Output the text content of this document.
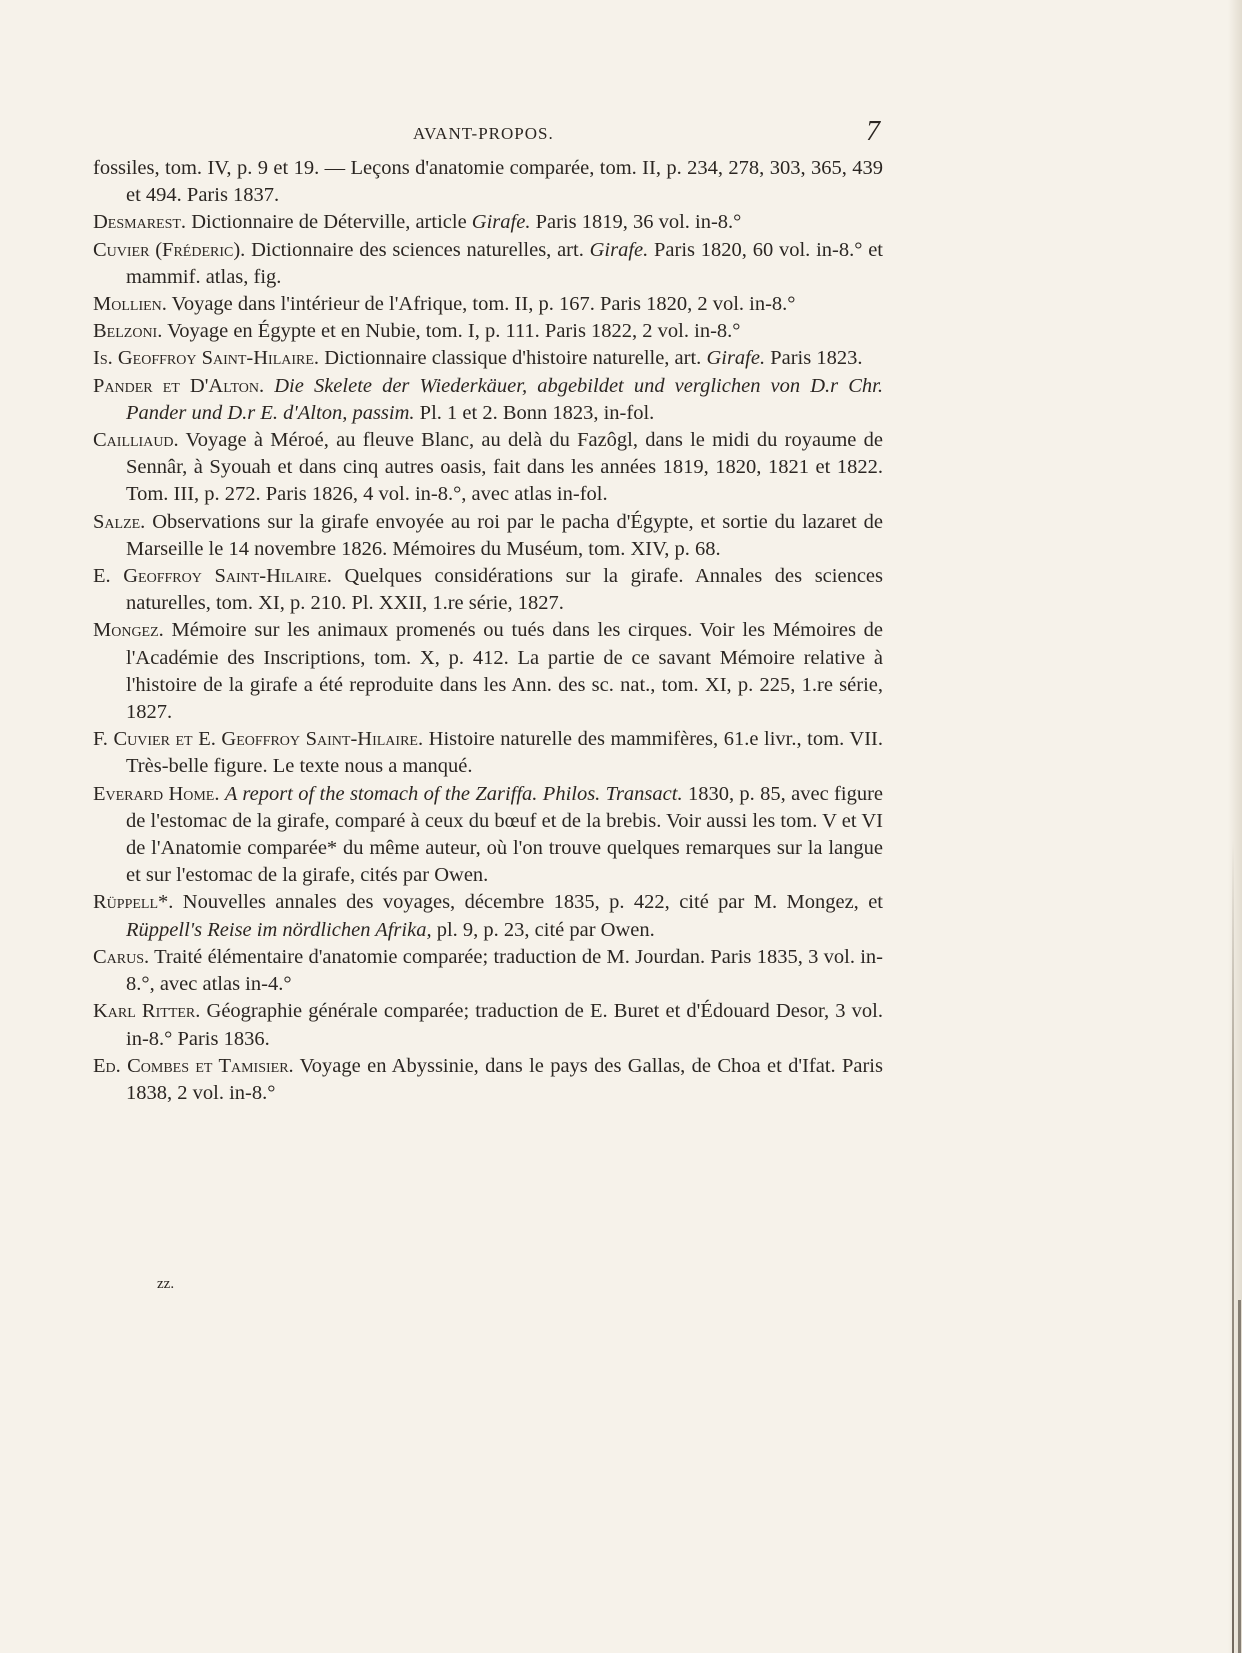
AVANT-PROPOS.	7

fossiles, tom. IV, p. 9 et 19. — Leçons d'anatomie comparée, tom. II, p. 234, 278, 303, 365, 439 et 494. Paris 1837.

Desmarest. Dictionnaire de Déterville, article Girafe. Paris 1819, 36 vol. in-8.°

Cuvier (Fréderic). Dictionnaire des sciences naturelles, art. Girafe. Paris 1820, 60 vol. in-8.° et mammif. atlas, fig.

Mollien. Voyage dans l'intérieur de l'Afrique, tom. II, p. 167. Paris 1820, 2 vol. in-8.°

Belzoni. Voyage en Égypte et en Nubie, tom. I, p. 111. Paris 1822, 2 vol. in-8.°

Is. Geoffroy Saint-Hilaire. Dictionnaire classique d'histoire naturelle, art. Girafe. Paris 1823.

Pander et D'Alton. Die Skelete der Wiederkäuer, abgebildet und verglichen von D.r Chr. Pander und D.r E. d'Alton, passim. Pl. 1 et 2. Bonn 1823, in-fol.

Cailliaud. Voyage à Méroé, au fleuve Blanc, au delà du Fazôgl, dans le midi du royaume de Sennâr, à Syouah et dans cinq autres oasis, fait dans les années 1819, 1820, 1821 et 1822. Tom. III, p. 272. Paris 1826, 4 vol. in-8.°, avec atlas in-fol.

Salze. Observations sur la girafe envoyée au roi par le pacha d'Égypte, et sortie du lazaret de Marseille le 14 novembre 1826. Mémoires du Muséum, tom. XIV, p. 68.

E. Geoffroy Saint-Hilaire. Quelques considérations sur la girafe. Annales des sciences naturelles, tom. XI, p. 210. Pl. XXII, 1.re série, 1827.

Mongez. Mémoire sur les animaux promenés ou tués dans les cirques. Voir les Mémoires de l'Académie des Inscriptions, tom. X, p. 412. La partie de ce savant Mémoire relative à l'histoire de la girafe a été reproduite dans les Ann. des sc. nat., tom. XI, p. 225, 1.re série, 1827.

F. Cuvier et E. Geoffroy Saint-Hilaire. Histoire naturelle des mammifères, 61.e livr., tom. VII. Très-belle figure. Le texte nous a manqué.

Everard Home. A report of the stomach of the Zariffa. Philos. Transact. 1830, p. 85, avec figure de l'estomac de la girafe, comparé à ceux du bœuf et de la brebis. Voir aussi les tom. V et VI de l'Anatomie comparée* du même auteur, où l'on trouve quelques remarques sur la langue et sur l'estomac de la girafe, cités par Owen.

Rüppell*. Nouvelles annales des voyages, décembre 1835, p. 422, cité par M. Mongez, et Rüppell's Reise im nördlichen Afrika, pl. 9, p. 23, cité par Owen.

Carus. Traité élémentaire d'anatomie comparée; traduction de M. Jourdan. Paris 1835, 3 vol. in-8.°, avec atlas in-4.°

Karl Ritter. Géographie générale comparée; traduction de E. Buret et d'Édouard Desor, 3 vol. in-8.° Paris 1836.

Ed. Combes et Tamisier. Voyage en Abyssinie, dans le pays des Gallas, de Choa et d'Ifat. Paris 1838, 2 vol. in-8.°

zz.
